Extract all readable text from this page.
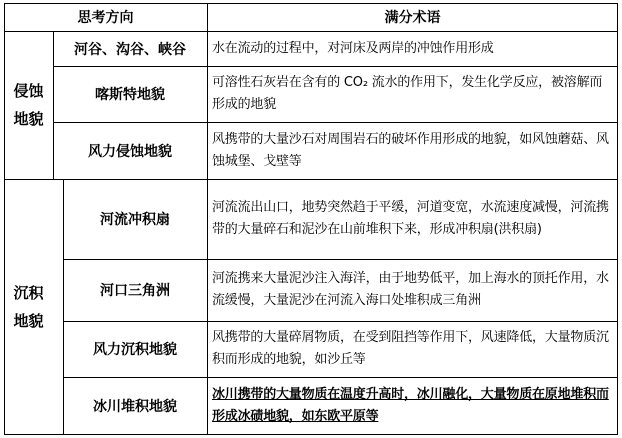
思考方向	满分术语
侵蚀地貌
河谷、沟谷、峡谷	水在流动的过程中，对河床及两岸的冲蚀作用形成
喀斯特地貌
可溶性石灰岩在含有的 CO₂ 流水的作用下，发生化学反应，被溶解而形成的地貌
风力侵蚀地貌
风携带的大量沙石对周围岩石的破坏作用形成的地貌，如风蚀蘑菇、风蚀城堡、戈壁等
沉积地貌
河流冲积扇
河流流出山口，地势突然趋于平缓，河道变宽，水流速度减慢，河流携带的大量碎石和泥沙在山前堆积下来，形成冲积扇(洪积扇)
河口三角洲
河流携来大量泥沙注入海洋，由于地势低平，加上海水的顶托作用，水流缓慢，大量泥沙在河流入海口处堆积成三角洲
风力沉积地貌
风携带的大量碎屑物质，在受到阻挡等作用下，风速降低，大量物质沉积而形成的地貌，如沙丘等
冰川堆积地貌
冰川携带的大量物质在温度升高时，冰川融化，大量物质在原地堆积而形成冰碛地貌，如东欧平原等
